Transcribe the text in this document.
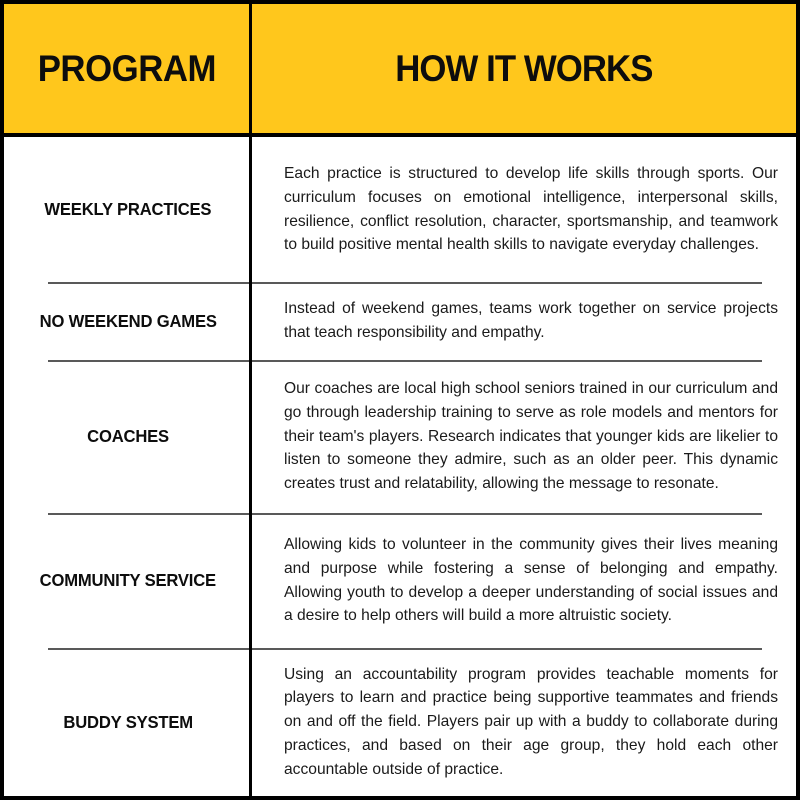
PROGRAM	HOW IT WORKS
WEEKLY PRACTICES

Each practice is structured to develop life skills through sports. Our curriculum focuses on emotional intelligence, interpersonal skills, resilience, conflict resolution, character, sportsmanship, and teamwork to build positive mental health skills to navigate everyday challenges.

NO WEEKEND GAMES

Instead of weekend games, teams work together on service projects that teach responsibility and empathy.

COACHES

Our coaches are local high school seniors trained in our curriculum and go through leadership training to serve as role models and mentors for their team's players. Research indicates that younger kids are likelier to listen to someone they admire, such as an older peer. This dynamic creates trust and relatability, allowing the message to resonate.

COMMUNITY SERVICE

Allowing kids to volunteer in the community gives their lives meaning and purpose while fostering a sense of belonging and empathy. Allowing youth to develop a deeper understanding of social issues and a desire to help others will build a more altruistic society.

BUDDY SYSTEM

Using an accountability program provides teachable moments for players to learn and practice being supportive teammates and friends on and off the field. Players pair up with a buddy to collaborate during practices, and based on their age group, they hold each other accountable outside of practice.
